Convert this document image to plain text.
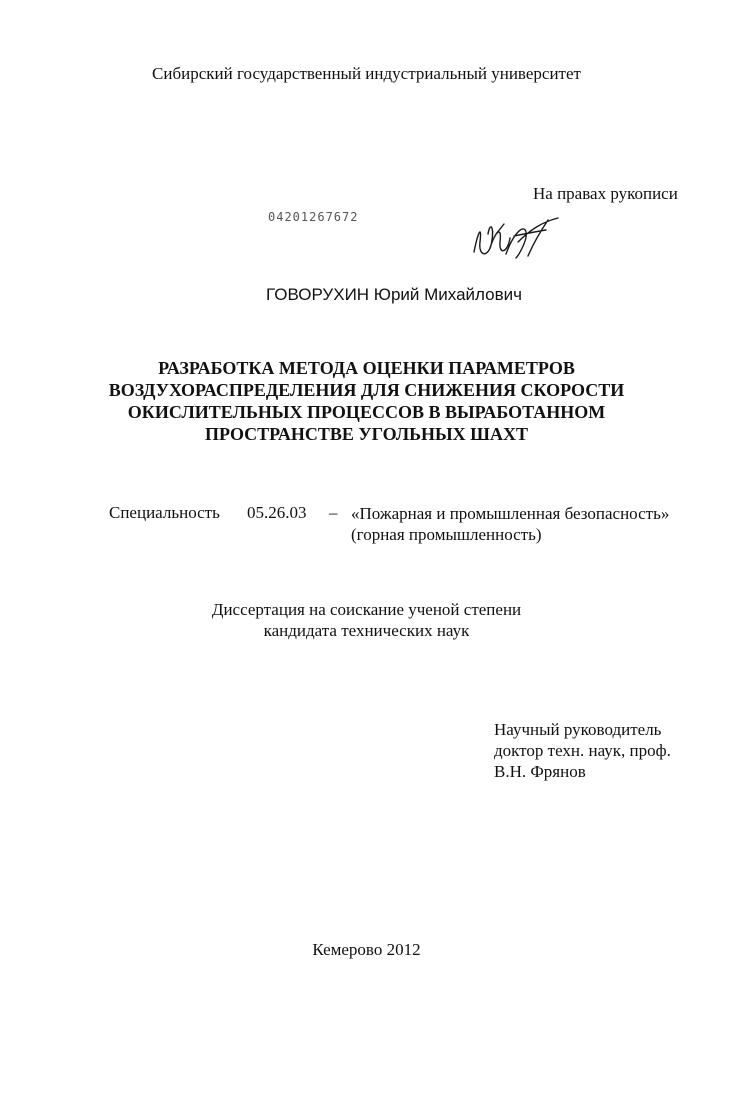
Сибирский государственный индустриальный университет
На правах рукописи
04201267672
ГОВОРУХИН Юрий Михайлович
РАЗРАБОТКА МЕТОДА ОЦЕНКИ ПАРАМЕТРОВ
ВОЗДУХОРАСПРЕДЕЛЕНИЯ ДЛЯ СНИЖЕНИЯ СКОРОСТИ
ОКИСЛИТЕЛЬНЫХ ПРОЦЕССОВ В ВЫРАБОТАННОМ
ПРОСТРАНСТВЕ УГОЛЬНЫХ ШАХТ
Специальность 05.26.03 – «Пожарная и промышленная безопасность»
(горная промышленность)
Диссертация на соискание ученой степени
кандидата технических наук
Научный руководитель
доктор техн. наук, проф.
В.Н. Фрянов
Кемерово 2012
